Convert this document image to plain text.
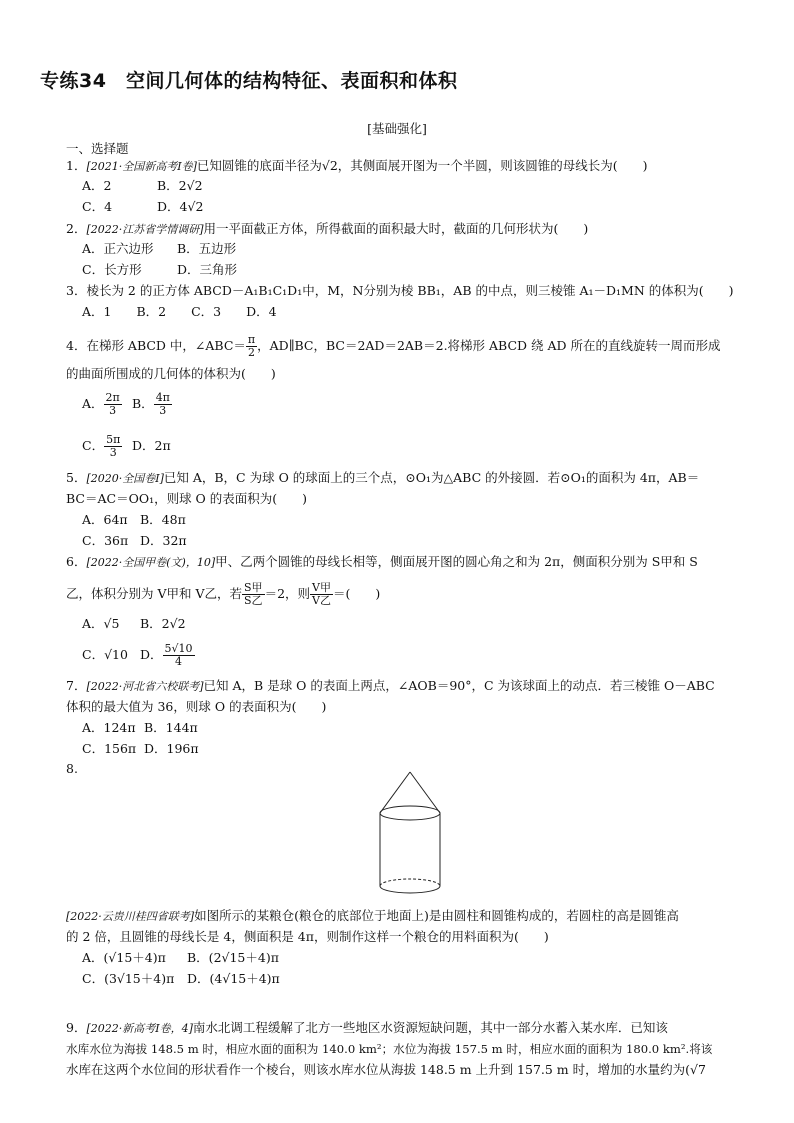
专练34　空间几何体的结构特征、表面积和体积
[基础强化]
一、选择题
1．[2021·全国新高考Ⅰ卷]已知圆锥的底面半径为√2，其侧面展开图为一个半圆，则该圆锥的母线长为(　　)
A．2	B．2√2
C．4	D．4√2
2．[2022·江苏省学情调研]用一平面截正方体，所得截面的面积最大时，截面的几何形状为(　　)
A．正六边形 B．五边形
C．长方形	D．三角形
3．棱长为 2 的正方体 ABCD－A₁B₁C₁D₁中，M，N分别为棱 BB₁，AB 的中点，则三棱锥 A₁－D₁MN 的体积为(　　)
A．1　　B．2　　C．3　　D．4
4．在梯形 ABCD 中，∠ABC＝ $\frac{\pi}{2}$ ，AD∥BC，BC＝2AD＝2AB＝2.将梯形 ABCD 绕 AD 所在的直线旋转一周而形成
的曲面所围成的几何体的体积为(　　)
A． $\frac{2\pi}{3}$ B． $\frac{4\pi}{3}$
C． $\frac{5\pi}{3}$ D．2π
5．[2020·全国卷Ⅰ]已知 A，B，C 为球 O 的球面上的三个点，⊙O₁为△ABC 的外接圆．若⊙O₁的面积为 4π，AB＝
BC＝AC＝OO₁，则球 O 的表面积为(　　)
A．64π B．48π
C．36π D．32π
6．[2022·全国甲卷(文)，10]甲、乙两个圆锥的母线长相等，侧面展开图的圆心角之和为 2π，侧面积分别为 S甲和 S
乙，体积分别为 V甲和 V乙，若 $\frac{\text{S甲}}{\text{S乙}} =2$，则 $\frac{\text{V甲}}{\text{V乙}}$ ＝(　　)
A．√5 B．2√2
C．√10 D． $\frac{5√10}{4}$
7．[2022·河北省六校联考]已知 A，B 是球 O 的表面上两点，∠AOB＝90°，C 为该球面上的动点．若三棱锥 O－ABC
体积的最大值为 36，则球 O 的表面积为(　　)
A．124π B．144π
C．156π D．196π
8.
[2022·云贵川桂四省联考]如图所示的某粮仓(粮仓的底部位于地面上)是由圆柱和圆锥构成的，若圆柱的高是圆锥高
的 2 倍，且圆锥的母线长是 4，侧面积是 4π，则制作这样一个粮仓的用料面积为(　　)
A．(√15＋4)π B．(2√15＋4)π
C．(3√15＋4)π D．(4√15＋4)π
9．[2022·新高考Ⅰ卷，4]南水北调工程缓解了北方一些地区水资源短缺问题，其中一部分水蓄入某水库．已知该
水库水位为海拔 148.5 m 时，相应水面的面积为 140.0 km²；水位为海拔 157.5 m 时，相应水面的面积为 180.0 km².将该
水库在这两个水位间的形状看作一个棱台，则该水库水位从海拔 148.5 m 上升到 157.5 m 时，增加的水量约为(√7
